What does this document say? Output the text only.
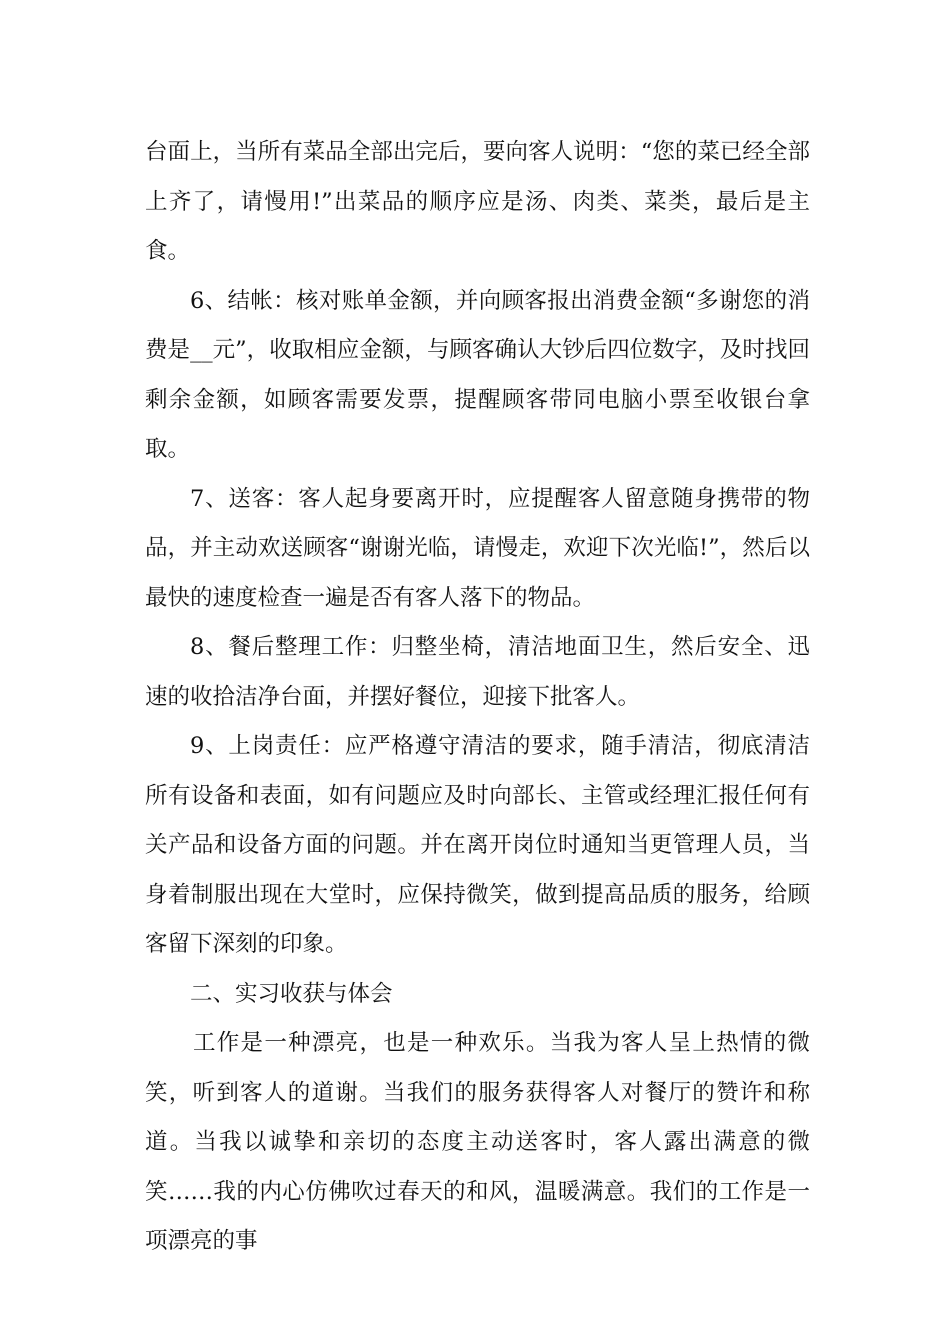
台面上，当所有菜品全部出完后，要向客人说明：“您的菜已经全部上齐了，请慢用!”出菜品的顺序应是汤、肉类、菜类，最后是主食。

6、结帐：核对账单金额，并向顾客报出消费金额“多谢您的消费是__元”，收取相应金额，与顾客确认大钞后四位数字，及时找回剩余金额，如顾客需要发票，提醒顾客带同电脑小票至收银台拿取。

7、送客：客人起身要离开时，应提醒客人留意随身携带的物品，并主动欢送顾客“谢谢光临，请慢走，欢迎下次光临!”，然后以最快的速度检查一遍是否有客人落下的物品。

8、餐后整理工作：归整坐椅，清洁地面卫生，然后安全、迅速的收拾洁净台面，并摆好餐位，迎接下批客人。

9、上岗责任：应严格遵守清洁的要求，随手清洁，彻底清洁所有设备和表面，如有问题应及时向部长、主管或经理汇报任何有关产品和设备方面的问题。并在离开岗位时通知当更管理人员，当身着制服出现在大堂时，应保持微笑，做到提高品质的服务，给顾客留下深刻的印象。

二、实习收获与体会

工作是一种漂亮，也是一种欢乐。当我为客人呈上热情的微笑，听到客人的道谢。当我们的服务获得客人对餐厅的赞许和称道。当我以诚挚和亲切的态度主动送客时，客人露出满意的微笑……我的内心仿佛吹过春天的和风，温暖满意。我们的工作是一项漂亮的事
